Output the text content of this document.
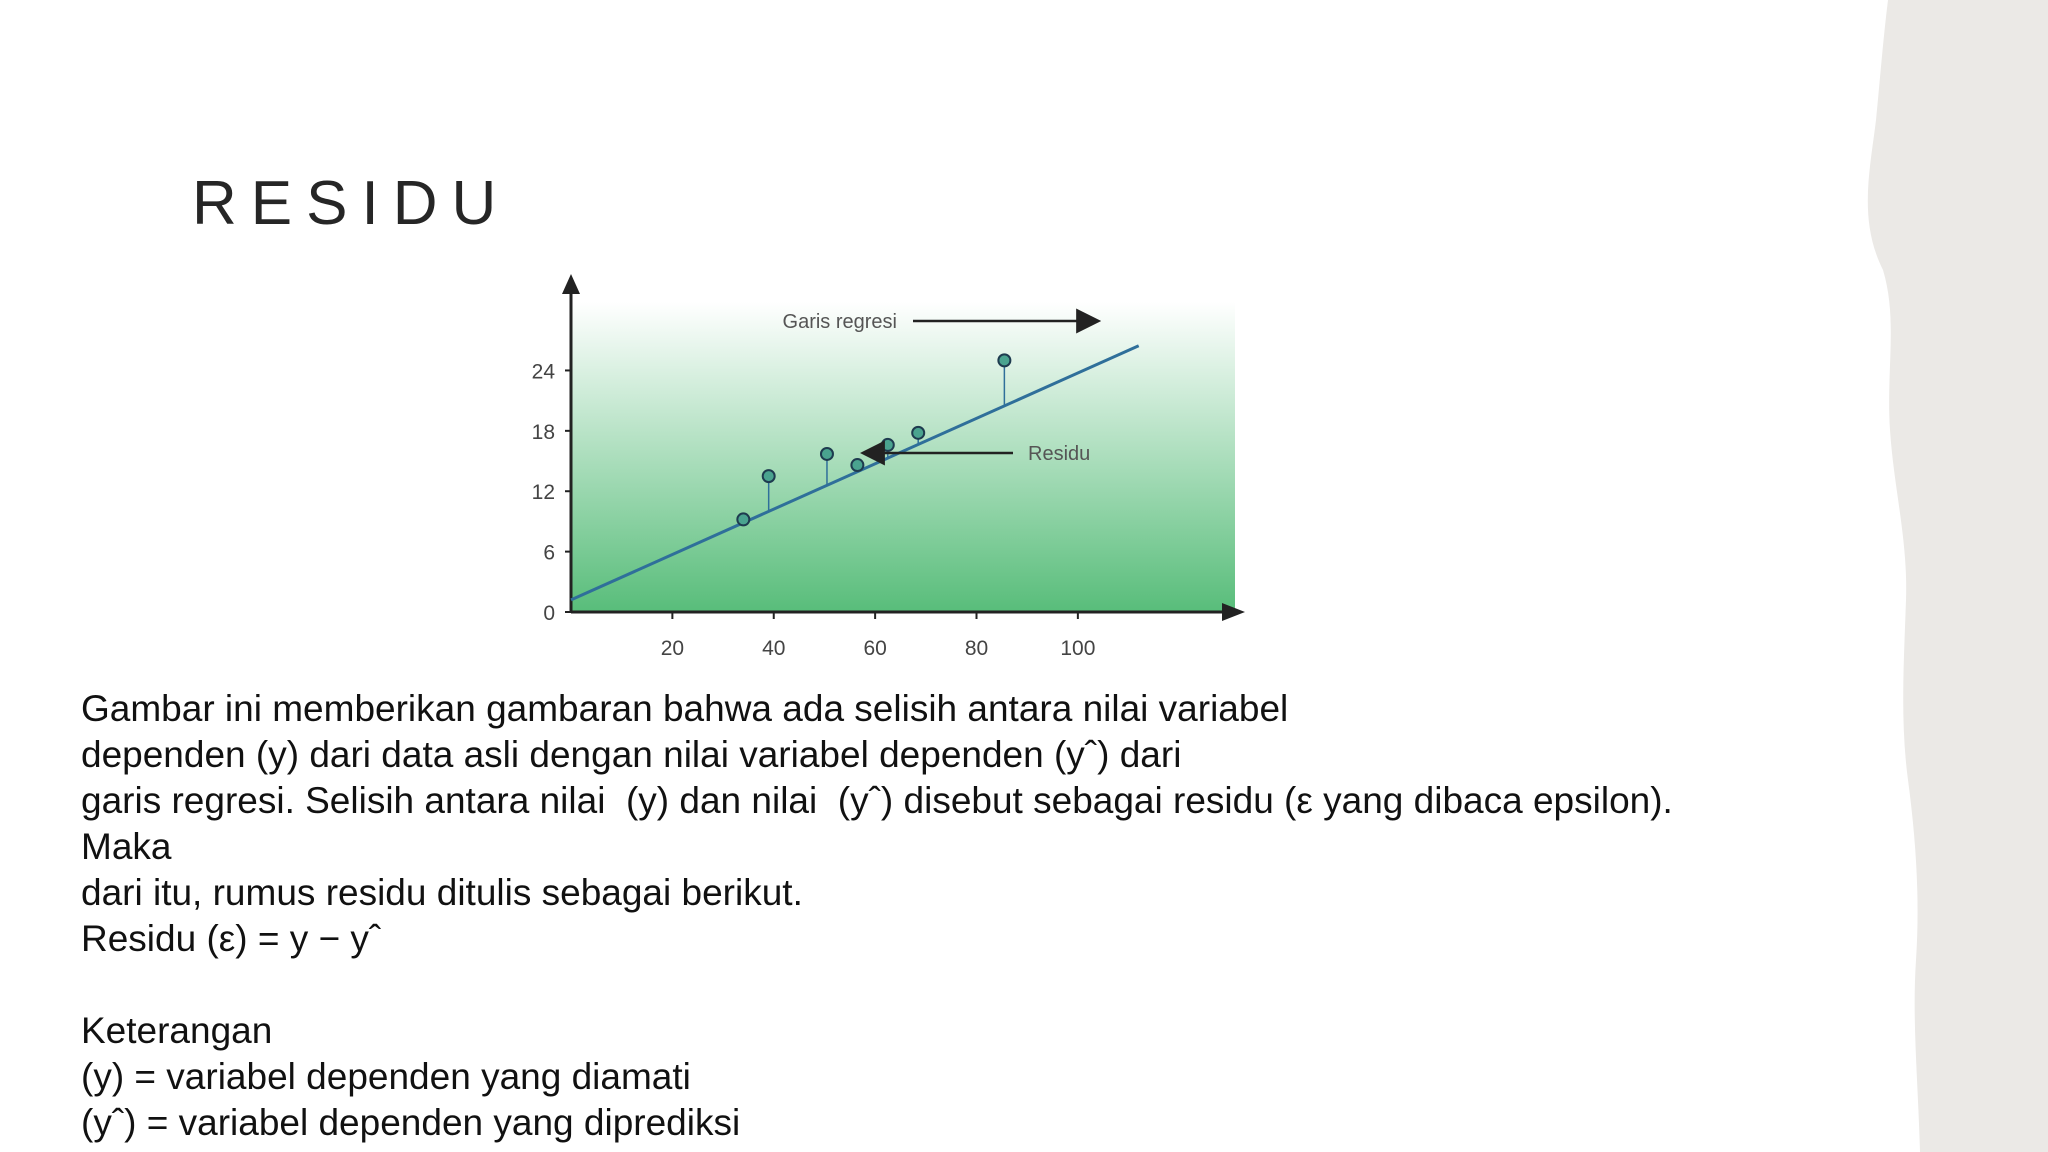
RESIDU
0
6
12
18
24
20	40	60	80	100
Garis regresi
Residu
Gambar ini memberikan gambaran bahwa ada selisih antara nilai variabel
dependen (y) dari data asli dengan nilai variabel dependen (yˆ) dari
garis regresi. Selisih antara nilai  (y) dan nilai  (yˆ) disebut sebagai residu (ε yang dibaca epsilon).
Maka
dari itu, rumus residu ditulis sebagai berikut.
Residu (ε) = y − yˆ
Keterangan
(y) = variabel dependen yang diamati
(yˆ) = variabel dependen yang diprediksi
